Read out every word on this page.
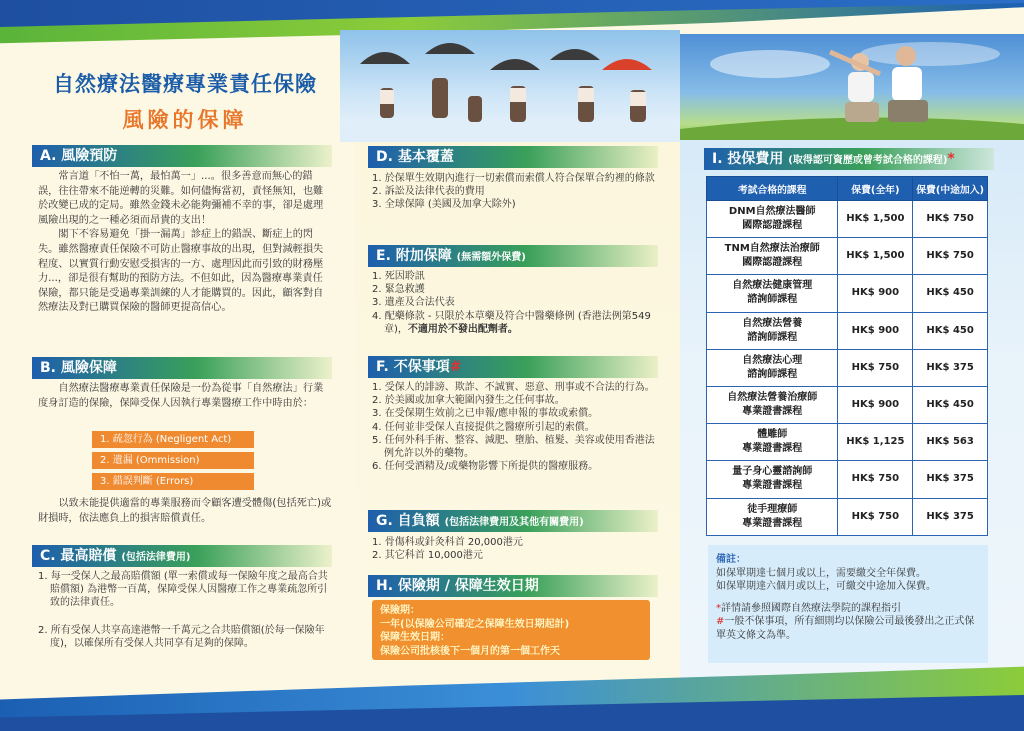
自然療法醫療專業責任保險
風險的保障
A. 風險預防

常言道「不怕一萬，最怕萬一」...。很多善意而無心的錯誤，往往帶來不能逆轉的災難。如何儘悔當初，責怪無知，也難於改變已成的定局。雖然金錢未必能夠彌補不幸的事，卻是處理風險出現的之一種必須而昂貴的支出！

閣下不容易避免「掛一漏萬」診症上的錯誤、斷症上的閃失。雖然醫療責任保險不可防止醫療事故的出現，但對減輕損失程度、以實質行動安慰受損害的一方、處理因此而引致的財務壓力...，卻是很有幫助的預防方法。不但如此，因為醫療專業責任保險，都只能是受過專業訓練的人才能購買的。因此，顧客對自然療法及對已購買保險的醫師更提高信心。

B. 風險保障

自然療法醫療專業責任保險是一份為從事「自然療法」行業度身訂造的保險，保障受保人因執行專業醫療工作中時由於：

1. 疏忽行為 (Negligent Act)
2. 遺漏 (Ommission)
3. 錯誤判斷 (Errors)

以致未能提供適當的專業服務而令顧客遭受體傷(包括死亡)或財損時，依法應負上的損害賠償責任。

C. 最高賠償 (包括法律費用)
1. 每一受保人之最高賠償額 (單一索償或每一保險年度之最高合共賠償額) 為港幣一百萬，保障受保人因醫療工作之專業疏忽所引致的法律責任。
2. 所有受保人共享高達港幣一千萬元之合共賠償額(於每一保險年度)，以確保所有受保人共同享有足夠的保障。
D. 基本覆蓋
1. 於保單生效期內進行一切索償而索償人符合保單合約裡的條款
2. 訴訟及法律代表的費用
3. 全球保障 (美國及加拿大除外)
E. 附加保障 (無需額外保費)
1. 死因聆訊
2. 緊急救護
3. 遺產及合法代表
4. 配藥條款 - 只限於本草藥及符合中醫藥條例 (香港法例第549章)，不適用於不發出配劑者。
F. 不保事項#
1. 受保人的誹謗、欺詐、不誠實、惡意、刑事或不合法的行為。
2. 於美國或加拿大範圍內發生之任何事故。
3. 在受保期生效前之已申報/應申報的事故或索償。
4. 任何並非受保人直接提供之醫療所引起的索償。
5. 任何外科手術、整容、減肥、墮胎、植髮、美容或使用香港法例允許以外的藥物。
6. 任何受酒精及/或藥物影響下所提供的醫療服務。
G. 自負額 (包括法律費用及其他有關費用)
1. 骨傷科或針灸科首 20,000港元
2. 其它科首 10,000港元
H. 保險期 / 保障生效日期
保險期：
一年(以保險公司確定之保障生效日期起計)
保障生效日期：
保險公司批核後下一個月的第一個工作天
I. 投保費用 (取得認可資歷或曾考試合格的課程)*
考試合格的課程	保費(全年)	保費(中途加入)
DNM自然療法醫師
國際認證課程	HK$ 1,500	HK$ 750
TNM自然療法治療師
國際認證課程	HK$ 1,500	HK$ 750
自然療法健康管理
諮詢師課程	HK$ 900	HK$ 450
自然療法營養
諮詢師課程	HK$ 900	HK$ 450
自然療法心理
諮詢師課程	HK$ 750	HK$ 375
自然療法營養治療師
專業證書課程	HK$ 900	HK$ 450
體雕師
專業證書課程	HK$ 1,125	HK$ 563
量子身心靈諮詢師
專業證書課程	HK$ 750	HK$ 375
徒手理療師
專業證書課程	HK$ 750	HK$ 375
備註：
如保單期達七個月或以上，需要繳交全年保費。
如保單期達六個月或以上，可繳交中途加入保費。
*詳情請參照國際自然療法學院的課程指引
#一般不保事項，所有細則均以保險公司最後發出之正式保單英文條文為準。
